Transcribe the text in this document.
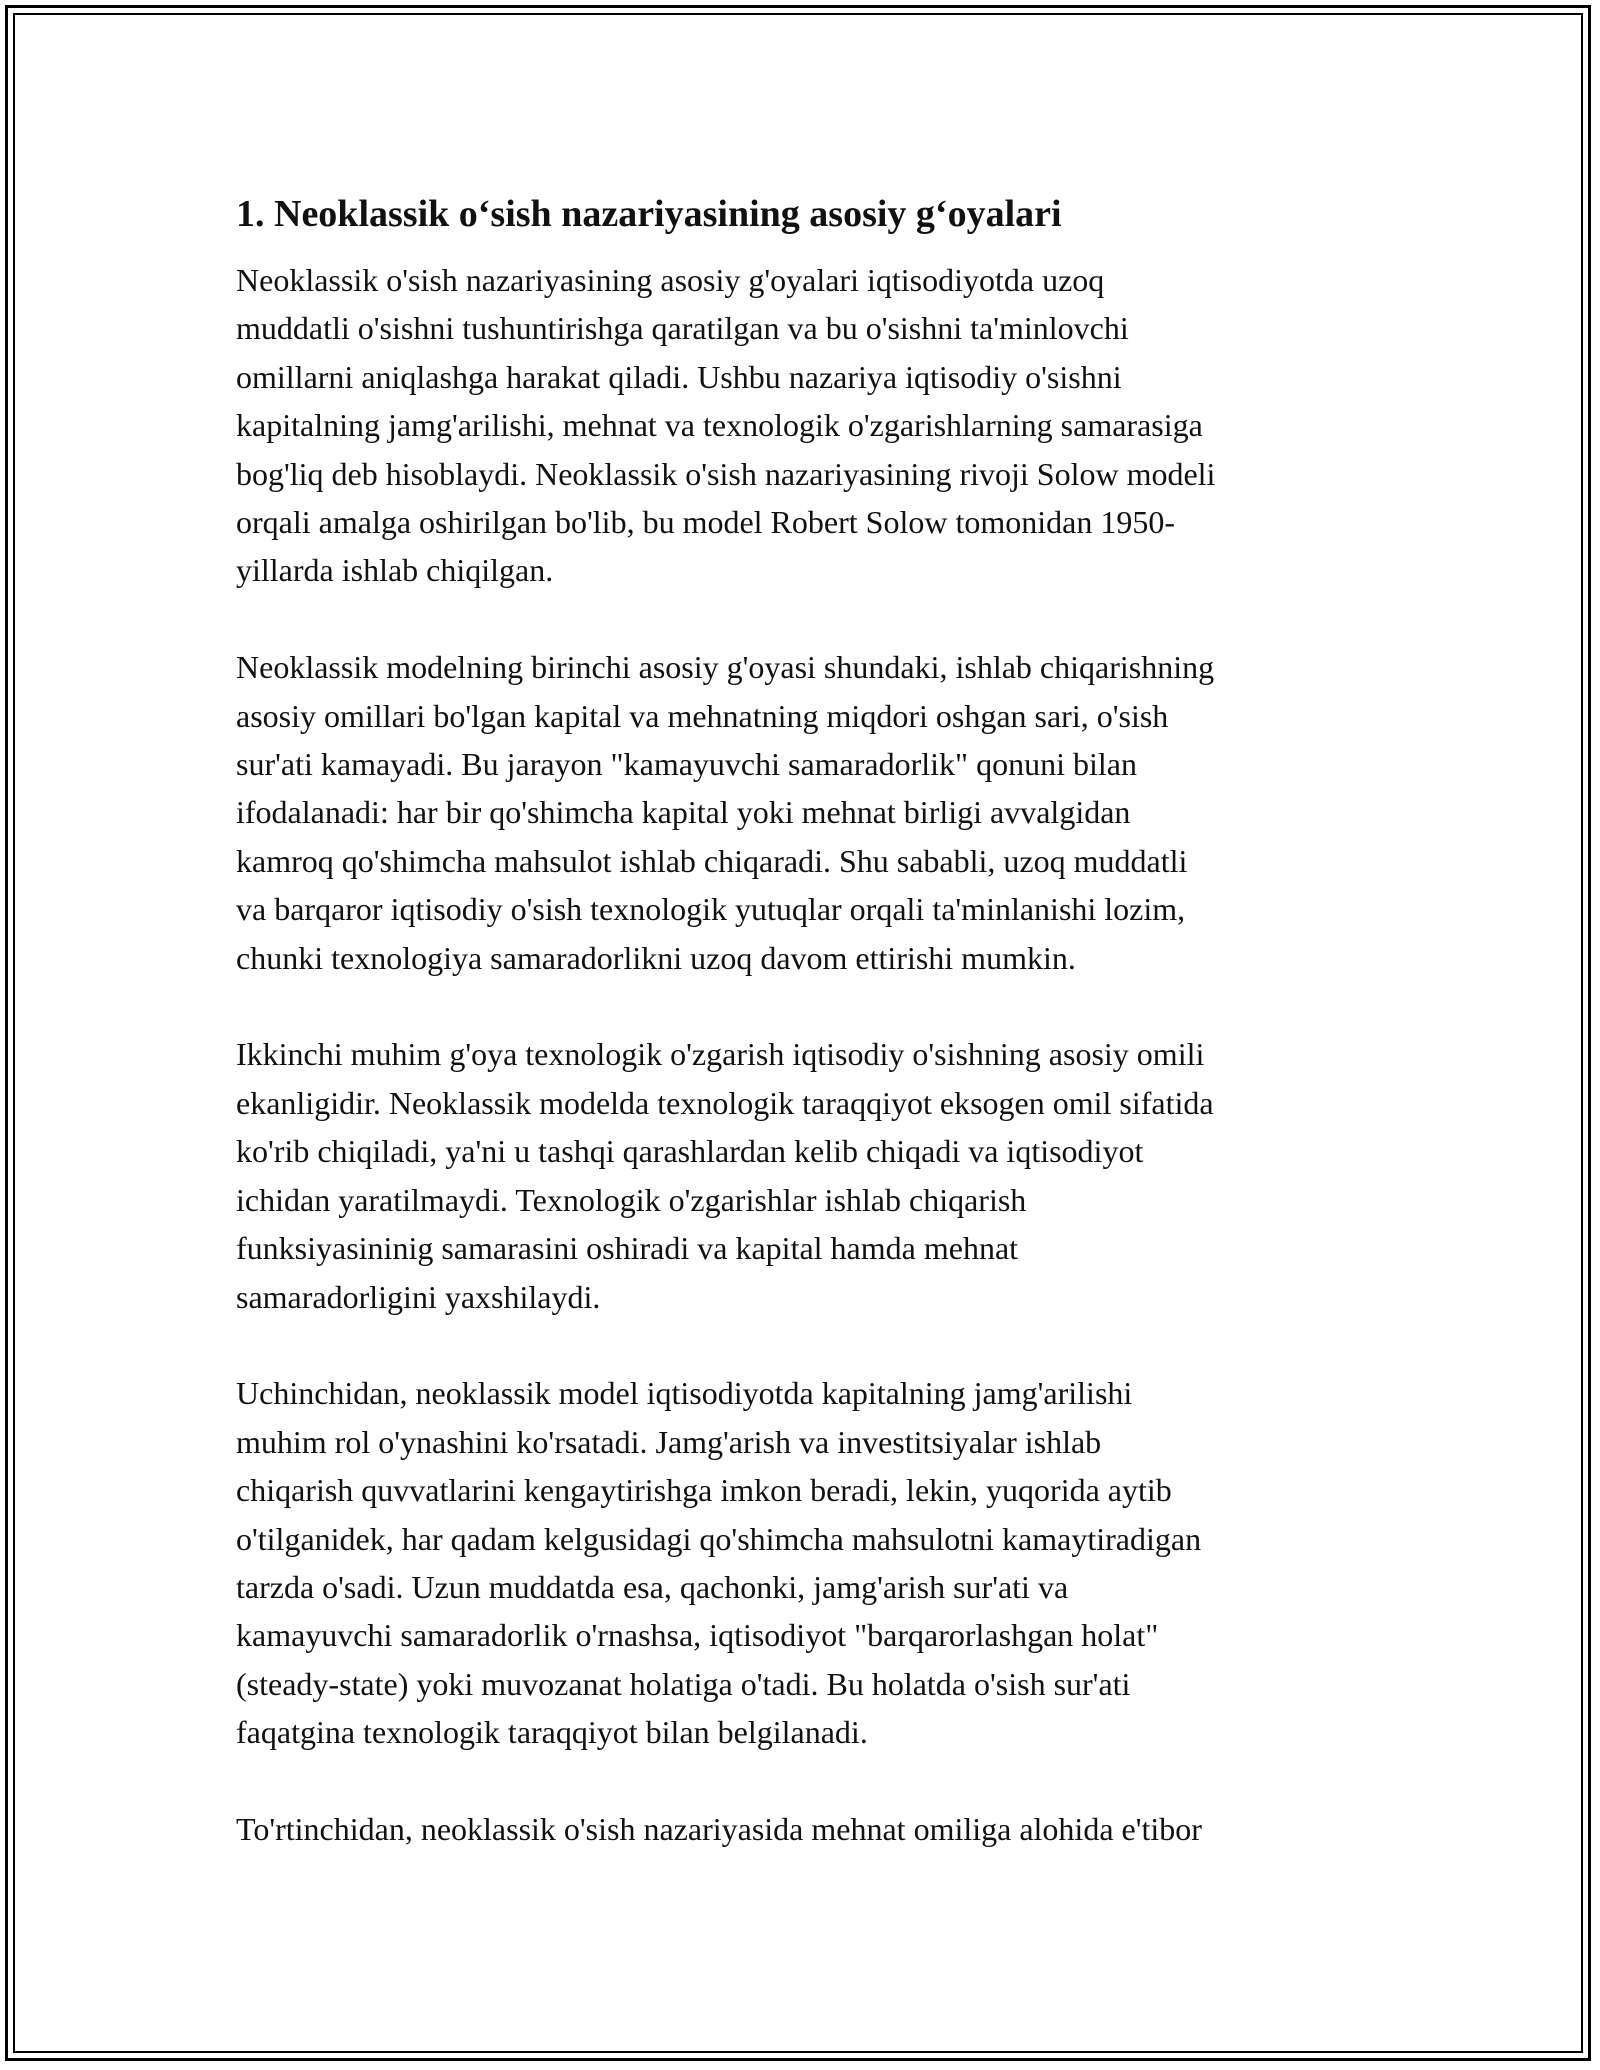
1. Neoklassik o‘sish nazariyasining asosiy g‘oyalari

Neoklassik o'sish nazariyasining asosiy g'oyalari iqtisodiyotda uzoq
muddatli o'sishni tushuntirishga qaratilgan va bu o'sishni ta'minlovchi
omillarni aniqlashga harakat qiladi. Ushbu nazariya iqtisodiy o'sishni
kapitalning jamg'arilishi, mehnat va texnologik o'zgarishlarning samarasiga
bog'liq deb hisoblaydi. Neoklassik o'sish nazariyasining rivoji Solow modeli
orqali amalga oshirilgan bo'lib, bu model Robert Solow tomonidan 1950-
yillarda ishlab chiqilgan.

Neoklassik modelning birinchi asosiy g'oyasi shundaki, ishlab chiqarishning
asosiy omillari bo'lgan kapital va mehnatning miqdori oshgan sari, o'sish
sur'ati kamayadi. Bu jarayon "kamayuvchi samaradorlik" qonuni bilan
ifodalanadi: har bir qo'shimcha kapital yoki mehnat birligi avvalgidan
kamroq qo'shimcha mahsulot ishlab chiqaradi. Shu sababli, uzoq muddatli
va barqaror iqtisodiy o'sish texnologik yutuqlar orqali ta'minlanishi lozim,
chunki texnologiya samaradorlikni uzoq davom ettirishi mumkin.

Ikkinchi muhim g'oya texnologik o'zgarish iqtisodiy o'sishning asosiy omili
ekanligidir. Neoklassik modelda texnologik taraqqiyot eksogen omil sifatida
ko'rib chiqiladi, ya'ni u tashqi qarashlardan kelib chiqadi va iqtisodiyot
ichidan yaratilmaydi. Texnologik o'zgarishlar ishlab chiqarish
funksiyasininig samarasini oshiradi va kapital hamda mehnat
samaradorligini yaxshilaydi.

Uchinchidan, neoklassik model iqtisodiyotda kapitalning jamg'arilishi
muhim rol o'ynashini ko'rsatadi. Jamg'arish va investitsiyalar ishlab
chiqarish quvvatlarini kengaytirishga imkon beradi, lekin, yuqorida aytib
o'tilganidek, har qadam kelgusidagi qo'shimcha mahsulotni kamaytiradigan
tarzda o'sadi. Uzun muddatda esa, qachonki, jamg'arish sur'ati va
kamayuvchi samaradorlik o'rnashsa, iqtisodiyot "barqarorlashgan holat"
(steady-state) yoki muvozanat holatiga o'tadi. Bu holatda o'sish sur'ati
faqatgina texnologik taraqqiyot bilan belgilanadi.

To'rtinchidan, neoklassik o'sish nazariyasida mehnat omiliga alohida e'tibor
